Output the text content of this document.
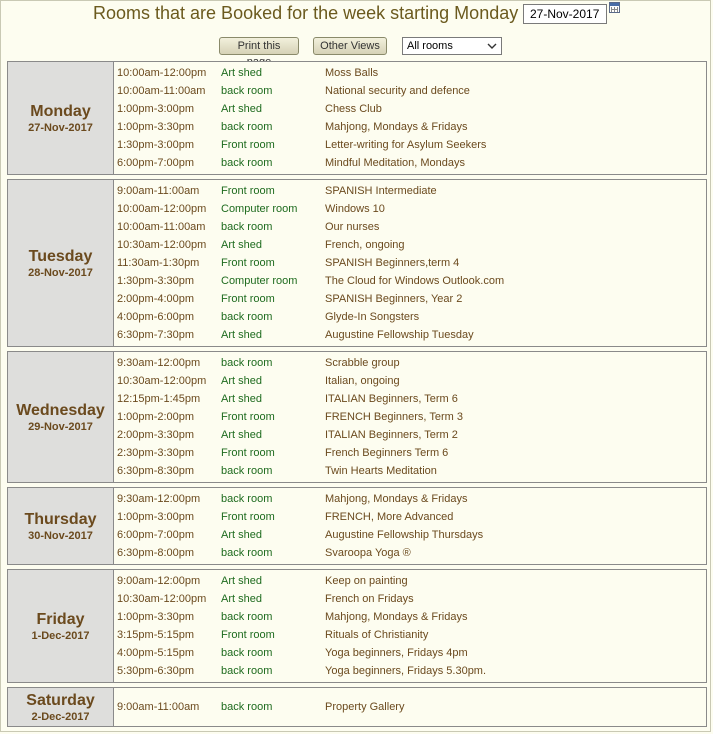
Rooms that are Booked for the week starting Monday 27-Nov-2017
Print this	Other Views	All rooms
Monday
27-Nov-2017
10:00am-12:00pm Art shed	Moss Balls
10:00am-11:00am back room	National security and defence
1:00pm-3:00pm Art shed	Chess Club
1:00pm-3:30pm back room	Mahjong, Mondays & Fridays
1:30pm-3:00pm Front room	Letter-writing for Asylum Seekers
6:00pm-7:00pm back room	Mindful Meditation, Mondays
Tuesday
28-Nov-2017
9:00am-11:00am Front room	SPANISH Intermediate
10:00am-12:00pm Computer room	Windows 10
10:00am-11:00am back room	Our nurses
10:30am-12:00pm Art shed	French, ongoing
11:30am-1:30pm Front room	SPANISH Beginners,term 4
1:30pm-3:30pm Computer room	The Cloud for Windows Outlook.com
2:00pm-4:00pm Front room	SPANISH Beginners, Year 2
4:00pm-6:00pm back room	Glyde-In Songsters
6:30pm-7:30pm Art shed	Augustine Fellowship Tuesday
Wednesday
29-Nov-2017
9:30am-12:00pm back room	Scrabble group
10:30am-12:00pm Art shed	Italian, ongoing
12:15pm-1:45pm Art shed	ITALIAN Beginners, Term 6
1:00pm-2:00pm Front room	FRENCH Beginners, Term 3
2:00pm-3:30pm Art shed	ITALIAN Beginners, Term 2
2:30pm-3:30pm Front room	French Beginners Term 6
6:30pm-8:30pm back room	Twin Hearts Meditation
Thursday
30-Nov-2017
9:30am-12:00pm back room	Mahjong, Mondays & Fridays
1:00pm-3:00pm Front room	FRENCH, More Advanced
6:00pm-7:00pm Art shed	Augustine Fellowship Thursdays
6:30pm-8:00pm back room	Svaroopa Yoga ®
Friday
1-Dec-2017
9:00am-12:00pm Art shed	Keep on painting
10:30am-12:00pm Art shed	French on Fridays
1:00pm-3:30pm back room	Mahjong, Mondays & Fridays
3:15pm-5:15pm Front room	Rituals of Christianity
4:00pm-5:15pm back room	Yoga beginners, Fridays 4pm
5:30pm-6:30pm back room	Yoga beginners, Fridays 5.30pm.
Saturday
2-Dec-2017
9:00am-11:00am back room	Property Gallery
